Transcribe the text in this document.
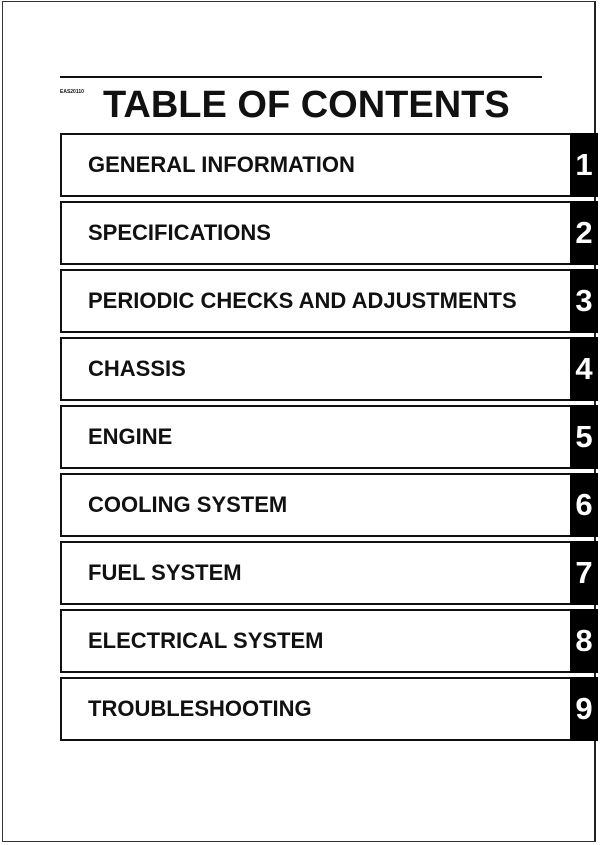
EAS20110 TABLE OF CONTENTS
GENERAL INFORMATION	1
SPECIFICATIONS	2
PERIODIC CHECKS AND ADJUSTMENTS 3
CHASSIS	4
ENGINE	5
COOLING SYSTEM	6
FUEL SYSTEM	7
ELECTRICAL SYSTEM	8
TROUBLESHOOTING	9
